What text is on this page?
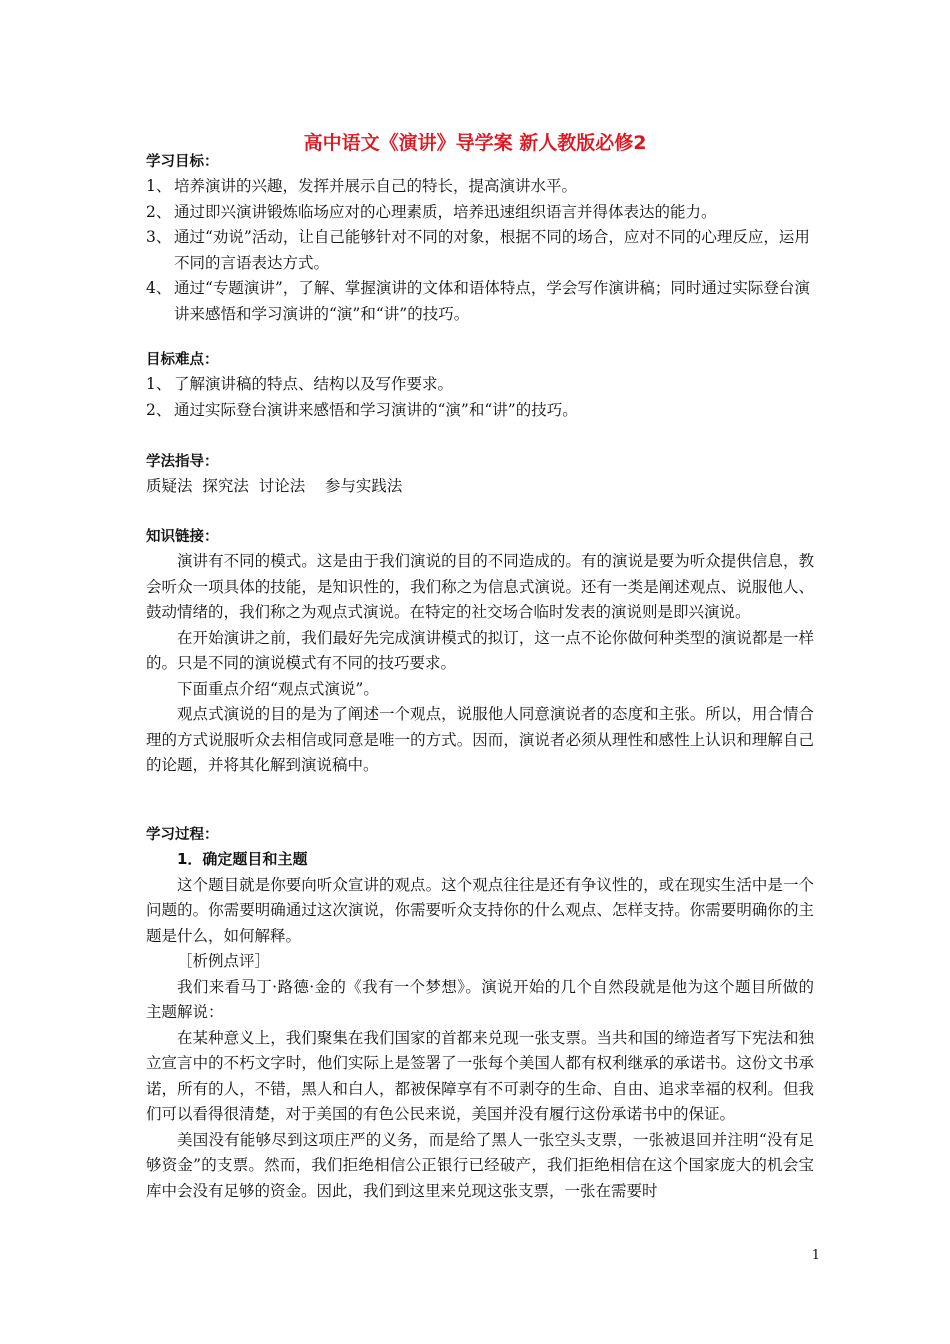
高中语文《演讲》导学案 新人教版必修2
学习目标：
1、 培养演讲的兴趣，发挥并展示自己的特长，提高演讲水平。
2、 通过即兴演讲锻炼临场应对的心理素质，培养迅速组织语言并得体表达的能力。
3、 通过“劝说”活动，让自己能够针对不同的对象，根据不同的场合，应对不同的心理反应，运用不同的言语表达方式。
4、 通过“专题演讲”，了解、掌握演讲的文体和语体特点，学会写作演讲稿；同时通过实际登台演讲来感悟和学习演讲的“演”和“讲”的技巧。
目标难点：
1、 了解演讲稿的特点、结构以及写作要求。
2、 通过实际登台演讲来感悟和学习演讲的“演”和“讲”的技巧。
学法指导：
质疑法  探究法  讨论法    参与实践法
知识链接：
演讲有不同的模式。这是由于我们演说的目的不同造成的。有的演说是要为听众提供信息，教会听众一项具体的技能，是知识性的，我们称之为信息式演说。还有一类是阐述观点、说服他人、鼓动情绪的，我们称之为观点式演说。在特定的社交场合临时发表的演说则是即兴演说。
在开始演讲之前，我们最好先完成演讲模式的拟订，这一点不论你做何种类型的演说都是一样的。只是不同的演说模式有不同的技巧要求。
下面重点介绍“观点式演说”。
观点式演说的目的是为了阐述一个观点，说服他人同意演说者的态度和主张。所以，用合情合理的方式说服听众去相信或同意是唯一的方式。因而，演说者必须从理性和感性上认识和理解自己的论题，并将其化解到演说稿中。
学习过程：
1．确定题目和主题
这个题目就是你要向听众宣讲的观点。这个观点往往是还有争议性的，或在现实生活中是一个问题的。你需要明确通过这次演说，你需要听众支持你的什么观点、怎样支持。你需要明确你的主题是什么，如何解释。
［析例点评］
我们来看马丁·路德·金的《我有一个梦想》。演说开始的几个自然段就是他为这个题目所做的主题解说：
在某种意义上，我们聚集在我们国家的首都来兑现一张支票。当共和国的缔造者写下宪法和独立宣言中的不朽文字时，他们实际上是签署了一张每个美国人都有权利继承的承诺书。这份文书承诺，所有的人，不错，黑人和白人，都被保障享有不可剥夺的生命、自由、追求幸福的权利。但我们可以看得很清楚，对于美国的有色公民来说，美国并没有履行这份承诺书中的保证。
美国没有能够尽到这项庄严的义务，而是给了黑人一张空头支票，一张被退回并注明“没有足够资金”的支票。然而，我们拒绝相信公正银行已经破产，我们拒绝相信在这个国家庞大的机会宝库中会没有足够的资金。因此，我们到这里来兑现这张支票，一张在需要时
1
